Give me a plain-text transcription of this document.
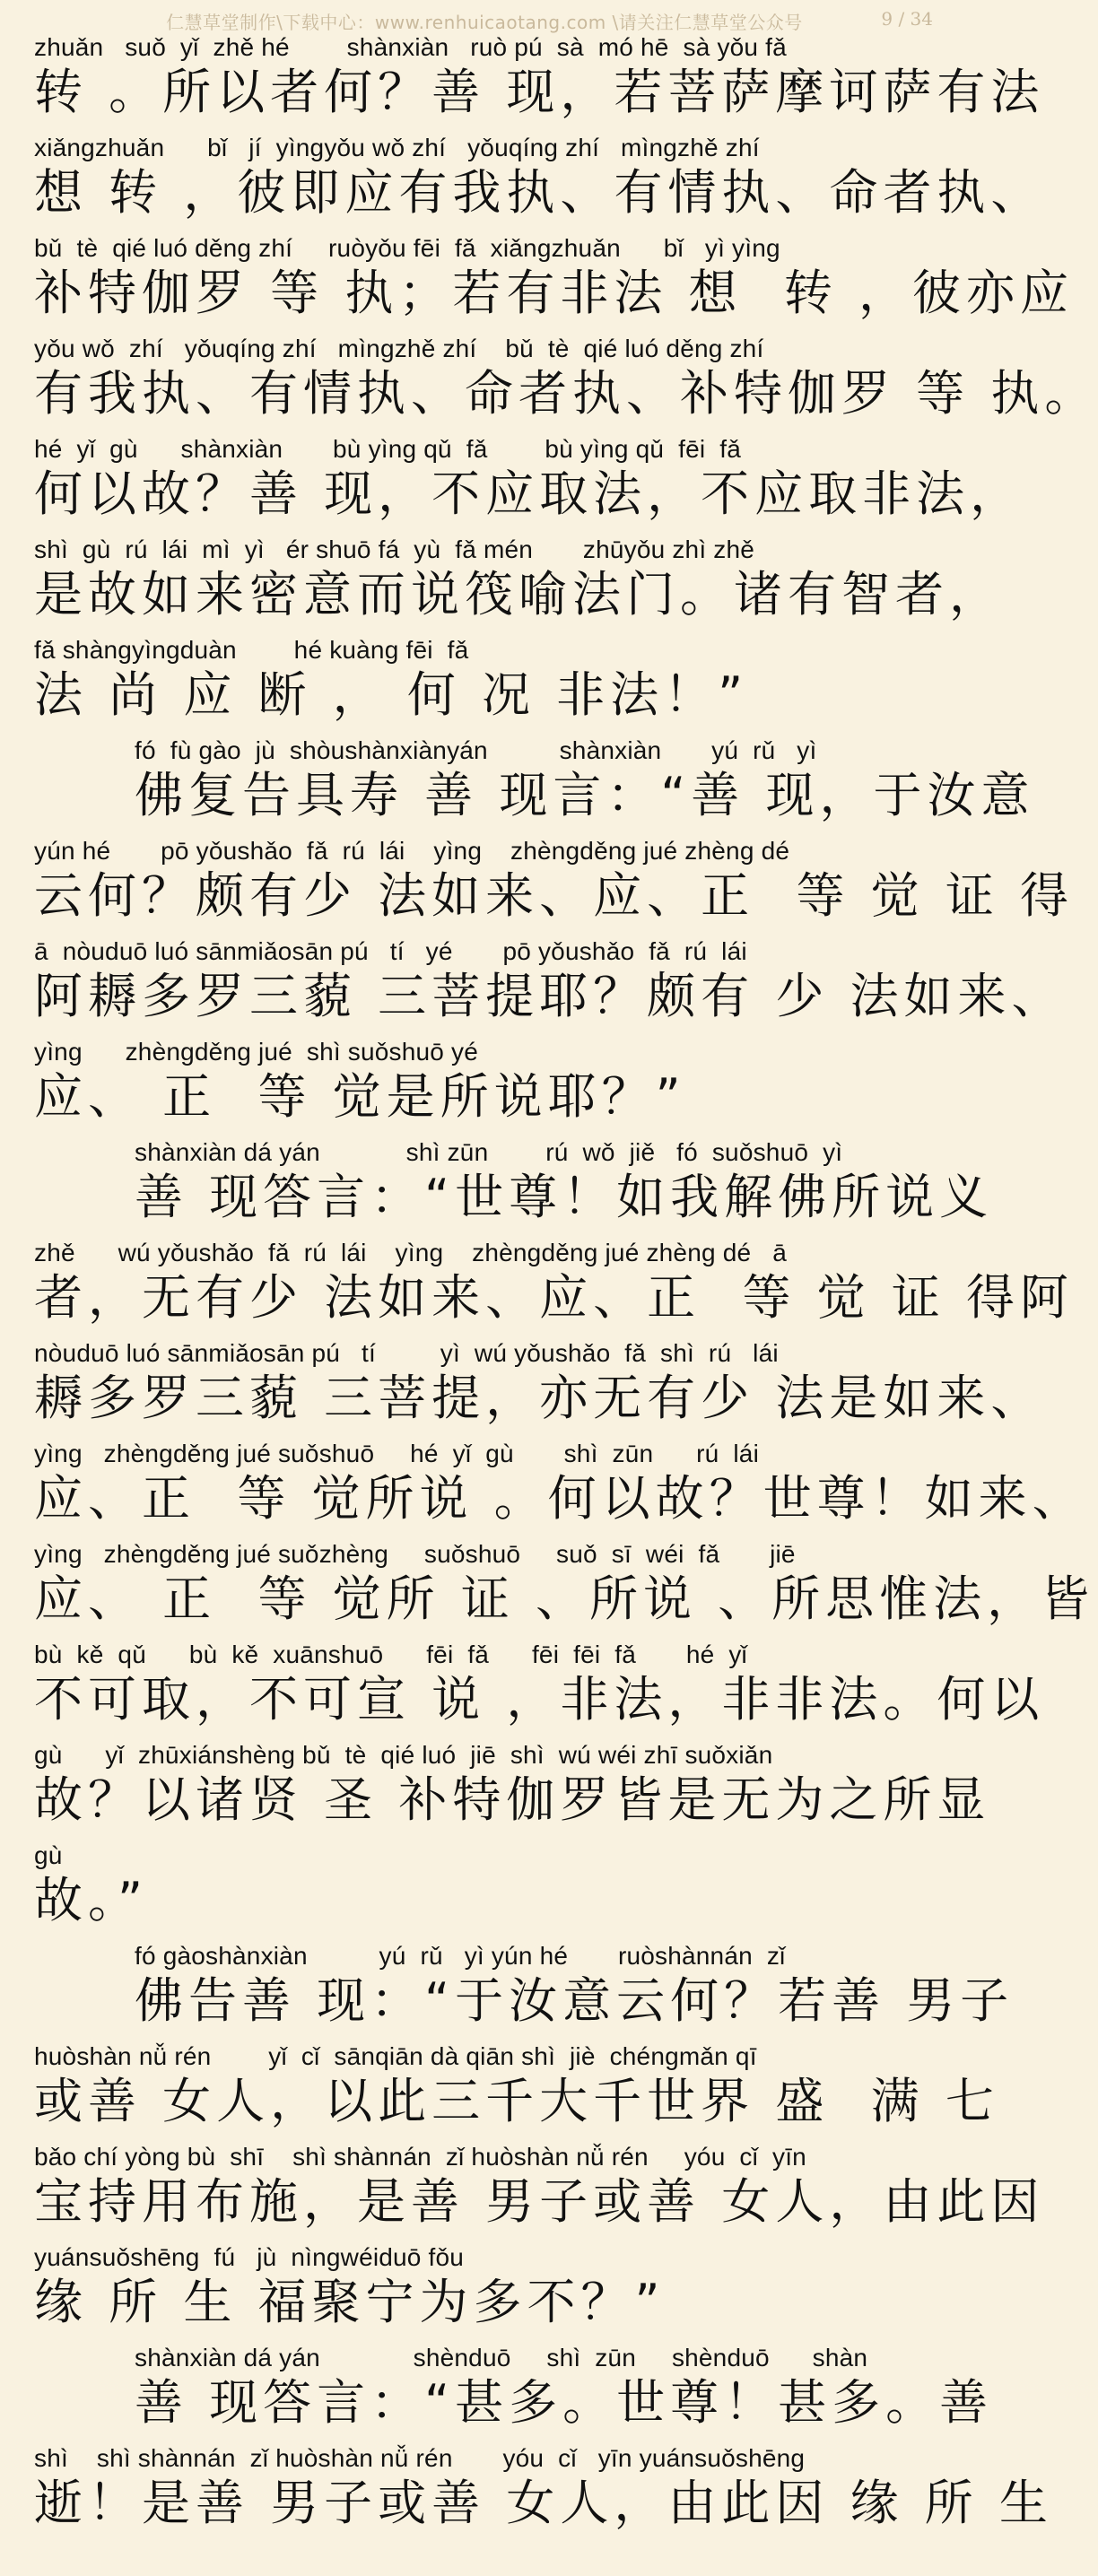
仁慧草堂制作\下载中心：www.renhuicaotang.com \请关注仁慧草堂公众号	9 / 34
zhuǎn   suǒ  yǐ  zhě hé        shànxiàn   ruò pú  sà  mó hē  sà yǒu fǎ
转 。所以者何？善 现，若菩萨摩诃萨有法
xiǎngzhuǎn      bǐ   jí  yìngyǒu wǒ zhí   yǒuqíng zhí   mìngzhě zhí
想 转 ，彼即应有我执、有情执、命者执、
bǔ  tè  qié luó děng zhí     ruòyǒu fēi  fǎ  xiǎngzhuǎn      bǐ   yì yìng
补特伽罗 等 执；若有非法 想  转 ，彼亦应
yǒu wǒ  zhí   yǒuqíng zhí   mìngzhě zhí    bǔ  tè  qié luó děng zhí
有我执、有情执、命者执、补特伽罗 等 执。
hé  yǐ  gù      shànxiàn       bù yìng qǔ  fǎ        bù yìng qǔ  fēi  fǎ
何以故？善 现，不应取法，不应取非法，
shì  gù  rú  lái  mì  yì   ér shuō fá  yù  fǎ mén       zhūyǒu zhì zhě
是故如来密意而说筏喻法门。诸有智者，
fǎ shàngyìngduàn        hé kuàng fēi  fǎ
法 尚 应 断 ， 何 况 非法！”
fó  fù gào  jù  shòushànxiànyán          shànxiàn       yú  rǔ   yì
佛复告具寿 善 现言：“善 现，于汝意
yún hé       pō yǒushǎo  fǎ  rú  lái    yìng    zhèngděng jué zhèng dé
云何？颇有少 法如来、应、正  等 觉 证 得
ā  nòuduō luó sānmiǎosān pú   tí   yé       pō yǒushǎo  fǎ  rú  lái
阿耨多罗三藐 三菩提耶？颇有 少 法如来、
yìng      zhèngděng jué  shì suǒshuō yé
应、 正  等 觉是所说耶？”
shànxiàn dá yán            shì zūn        rú  wǒ  jiě   fó  suǒshuō  yì
善 现答言：“世尊！如我解佛所说义
zhě      wú yǒushǎo  fǎ  rú  lái    yìng    zhèngděng jué zhèng dé   ā
者，无有少 法如来、应、正  等 觉 证 得阿
nòuduō luó sānmiǎosān pú   tí         yì  wú yǒushǎo  fǎ  shì  rú   lái
耨多罗三藐 三菩提，亦无有少 法是如来、
yìng   zhèngděng jué suǒshuō     hé  yǐ  gù       shì  zūn      rú  lái
应、正  等 觉所说 。何以故？世尊！如来、
yìng   zhèngděng jué suǒzhèng     suǒshuō     suǒ  sī  wéi  fǎ       jiē
应、 正  等 觉所 证 、所说 、所思惟法，皆
bù  kě  qǔ      bù  kě  xuānshuō      fēi  fǎ      fēi  fēi  fǎ       hé  yǐ
不可取，不可宣 说 ，非法，非非法。何以
gù      yǐ  zhūxiánshèng bǔ  tè  qié luó  jiē  shì  wú wéi zhī suǒxiǎn
故？以诸贤 圣 补特伽罗皆是无为之所显
gù
故。”
fó gàoshànxiàn          yú  rǔ   yì yún hé       ruòshànnán  zǐ
佛告善 现：“于汝意云何？若善 男子
huòshàn nǚ rén        yǐ  cǐ  sānqiān dà qiān shì  jiè  chéngmǎn qī
或善 女人，以此三千大千世界 盛  满 七
bǎo chí yòng bù  shī    shì shànnán  zǐ huòshàn nǚ rén     yóu  cǐ  yīn
宝持用布施，是善 男子或善 女人，由此因
yuánsuǒshēng  fú   jù  nìngwéiduō fǒu
缘 所 生 福聚宁为多不？”
shànxiàn dá yán             shènduō     shì  zūn     shènduō      shàn
善 现答言：“甚多。世尊！甚多。善
shì    shì shànnán  zǐ huòshàn nǚ rén       yóu  cǐ   yīn yuánsuǒshēng
逝！是善 男子或善 女人，由此因 缘 所 生
